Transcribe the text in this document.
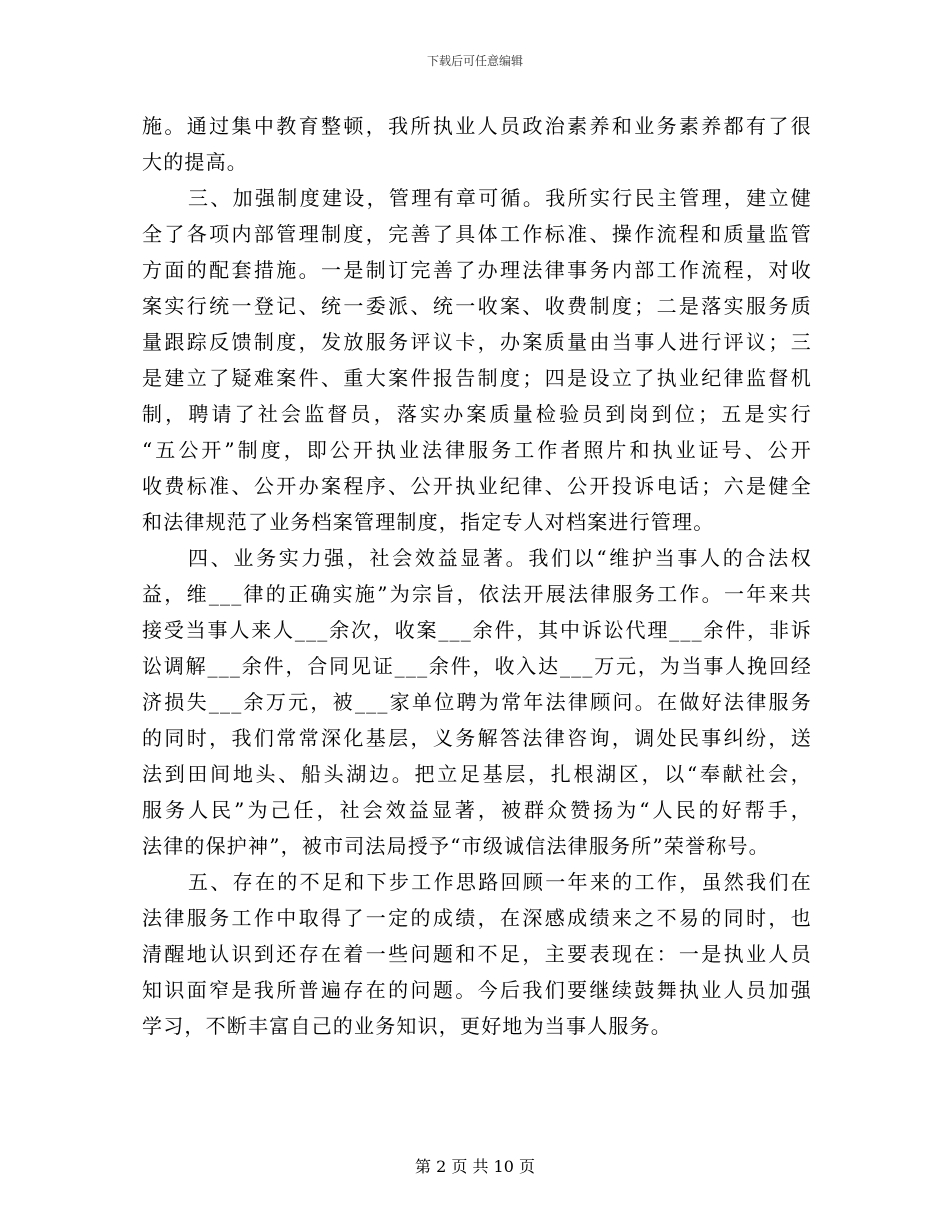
下载后可任意编辑
施。通过集中教育整顿，我所执业人员政治素养和业务素养都有了很
大的提高。
三、加强制度建设，管理有章可循。我所实行民主管理，建立健
全了各项内部管理制度，完善了具体工作标准、操作流程和质量监管
方面的配套措施。一是制订完善了办理法律事务内部工作流程，对收
案实行统一登记、统一委派、统一收案、收费制度；二是落实服务质
量跟踪反馈制度，发放服务评议卡，办案质量由当事人进行评议；三
是建立了疑难案件、重大案件报告制度；四是设立了执业纪律监督机
制，聘请了社会监督员，落实办案质量检验员到岗到位；五是实行
“五公开”制度，即公开执业法律服务工作者照片和执业证号、公开
收费标准、公开办案程序、公开执业纪律、公开投诉电话；六是健全
和法律规范了业务档案管理制度，指定专人对档案进行管理。
四、业务实力强，社会效益显著。我们以“维护当事人的合法权
益，维___律的正确实施”为宗旨，依法开展法律服务工作。一年来共
接受当事人来人___余次，收案___余件，其中诉讼代理___余件，非诉
讼调解___余件，合同见证___余件，收入达___万元，为当事人挽回经
济损失___余万元，被___家单位聘为常年法律顾问。在做好法律服务
的同时，我们常常深化基层，义务解答法律咨询，调处民事纠纷，送
法到田间地头、船头湖边。把立足基层，扎根湖区，以“奉献社会，
服务人民”为己任，社会效益显著，被群众赞扬为“人民的好帮手，
法律的保护神”，被市司法局授予“市级诚信法律服务所”荣誉称号。
五、存在的不足和下步工作思路回顾一年来的工作，虽然我们在
法律服务工作中取得了一定的成绩，在深感成绩来之不易的同时，也
清醒地认识到还存在着一些问题和不足，主要表现在：一是执业人员
知识面窄是我所普遍存在的问题。今后我们要继续鼓舞执业人员加强
学习，不断丰富自己的业务知识，更好地为当事人服务。
第 2 页 共 10 页
